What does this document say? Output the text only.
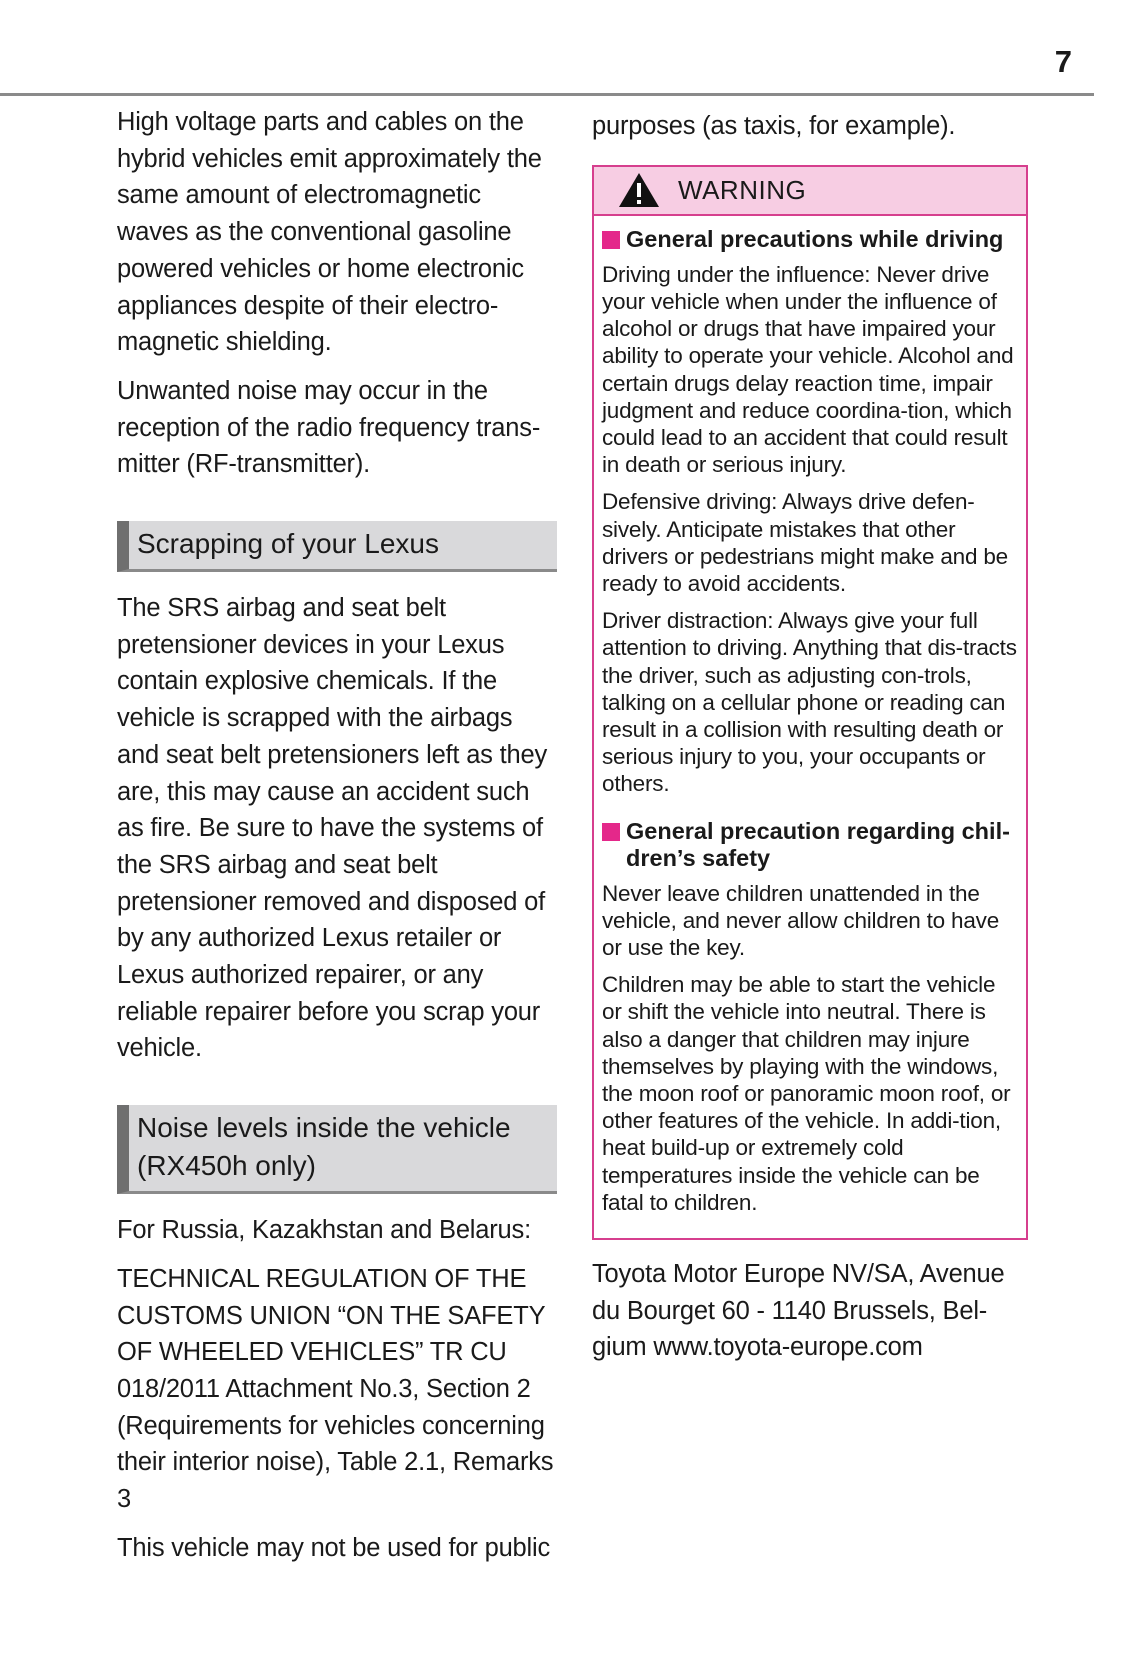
7

High voltage parts and cables on the hybrid vehicles emit approximately the same amount of electromagnetic waves as the conventional gasoline powered vehicles or home electronic appliances despite of their electro-magnetic shielding.

Unwanted noise may occur in the reception of the radio frequency trans-mitter (RF-transmitter).

Scrapping of your Lexus

The SRS airbag and seat belt pretensioner devices in your Lexus contain explosive chemicals. If the vehicle is scrapped with the airbags and seat belt pretensioners left as they are, this may cause an accident such as fire. Be sure to have the systems of the SRS airbag and seat belt pretensioner removed and disposed of by any authorized Lexus retailer or Lexus authorized repairer, or any reliable repairer before you scrap your vehicle.

Noise levels inside the vehicle (RX450h only)

For Russia, Kazakhstan and Belarus:

TECHNICAL REGULATION OF THE CUSTOMS UNION “ON THE SAFETY OF WHEELED VEHICLES” TR CU 018/2011 Attachment No.3, Section 2 (Requirements for vehicles concerning their interior noise), Table 2.1, Remarks 3

This vehicle may not be used for public

purposes (as taxis, for example).

WARNING
General precautions while driving

Driving under the influence: Never drive your vehicle when under the influence of alcohol or drugs that have impaired your ability to operate your vehicle. Alcohol and certain drugs delay reaction time, impair judgment and reduce coordina-tion, which could lead to an accident that could result in death or serious injury.

Defensive driving: Always drive defen-sively. Anticipate mistakes that other drivers or pedestrians might make and be ready to avoid accidents.

Driver distraction: Always give your full attention to driving. Anything that dis-tracts the driver, such as adjusting con-trols, talking on a cellular phone or reading can result in a collision with resulting death or serious injury to you, your occupants or others.

General precaution regarding chil-dren’s safety

Never leave children unattended in the vehicle, and never allow children to have or use the key.

Children may be able to start the vehicle or shift the vehicle into neutral. There is also a danger that children may injure themselves by playing with the windows, the moon roof or panoramic moon roof, or other features of the vehicle. In addi-tion, heat build-up or extremely cold temperatures inside the vehicle can be fatal to children.

Toyota Motor Europe NV/SA, Avenue du Bourget 60 - 1140 Brussels, Bel-gium www.toyota-europe.com
